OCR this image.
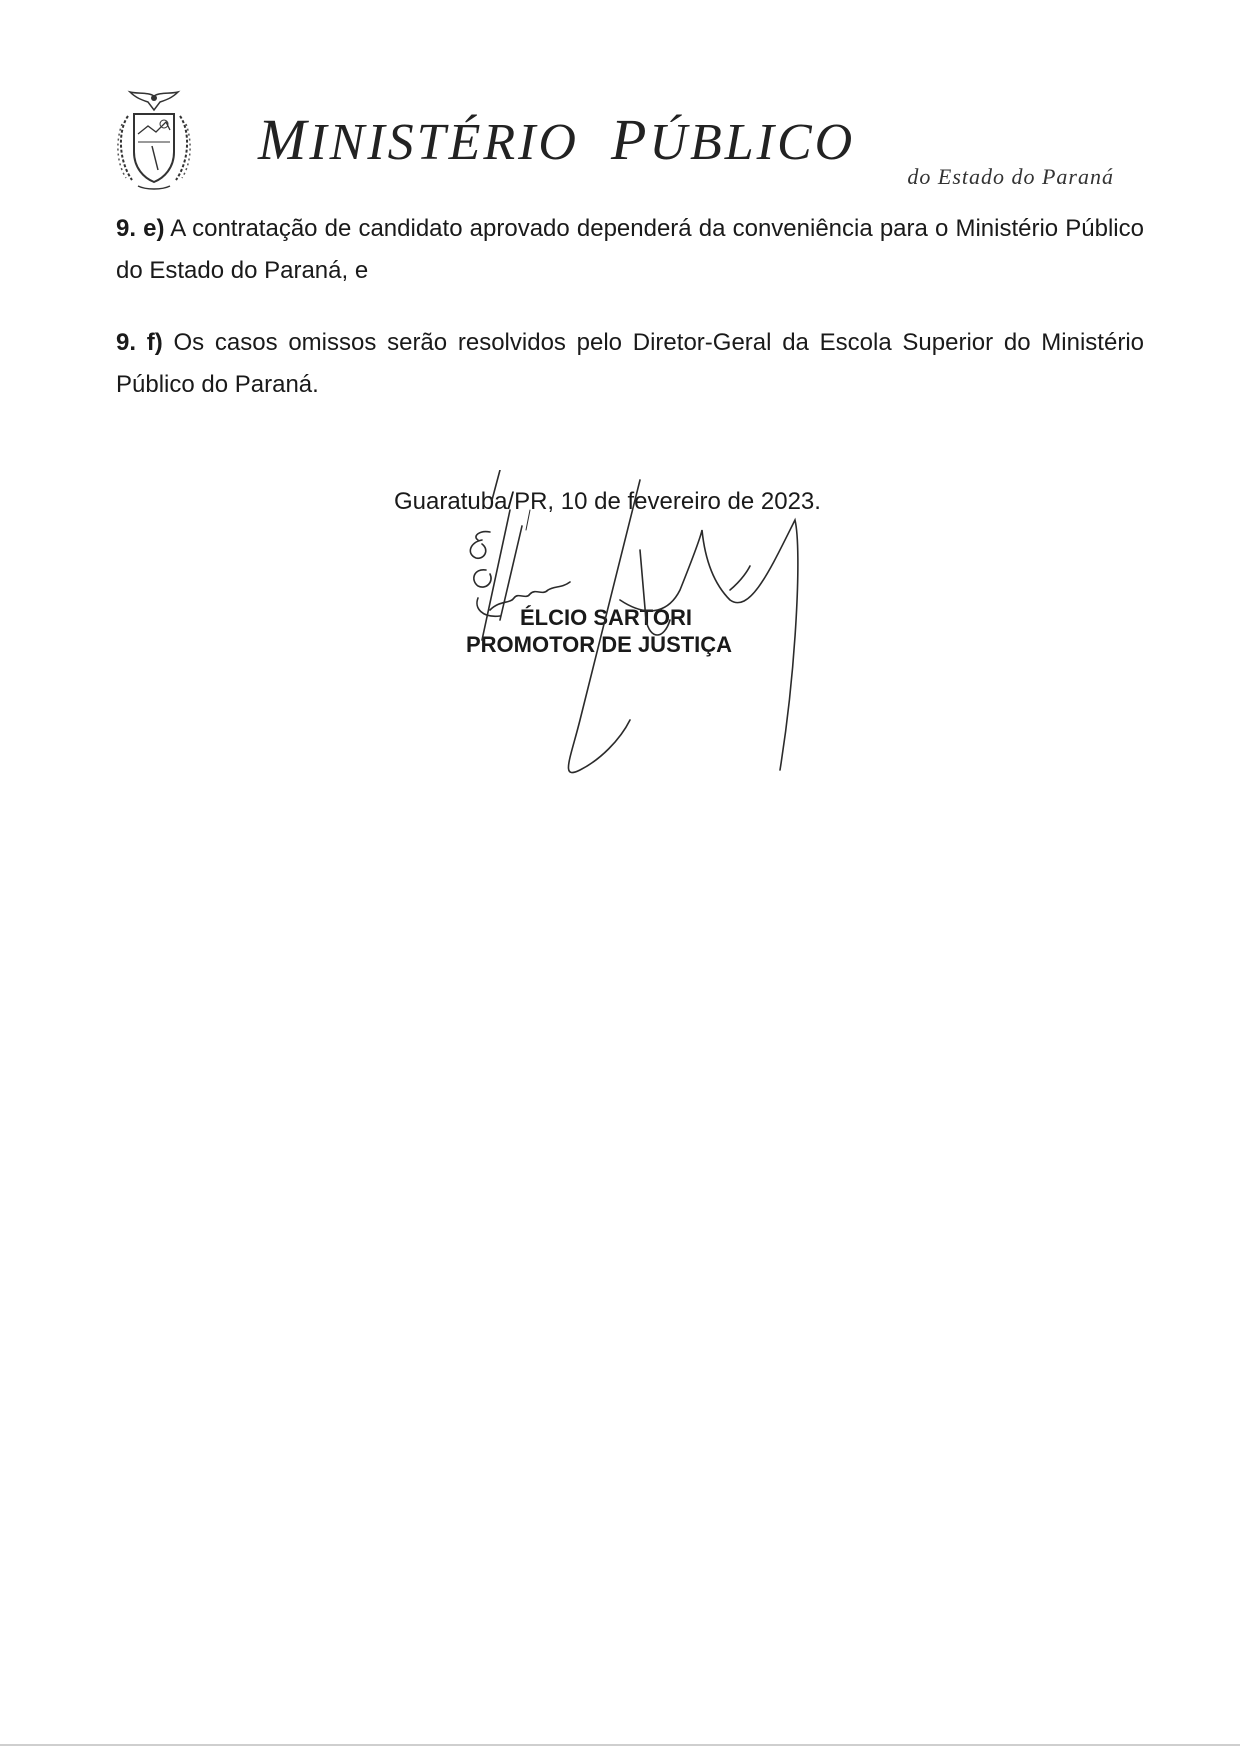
MINISTÉRIO PÚBLICO
do Estado do Paraná
9. e) A contratação de candidato aprovado dependerá da conveniência para o Ministério Público do Estado do Paraná, e
9. f) Os casos omissos serão resolvidos pelo Diretor-Geral da Escola Superior do Ministério Público do Paraná.
Guaratuba/PR, 10 de fevereiro de 2023.
ÉLCIO SARTORI
PROMOTOR DE JUSTIÇA
